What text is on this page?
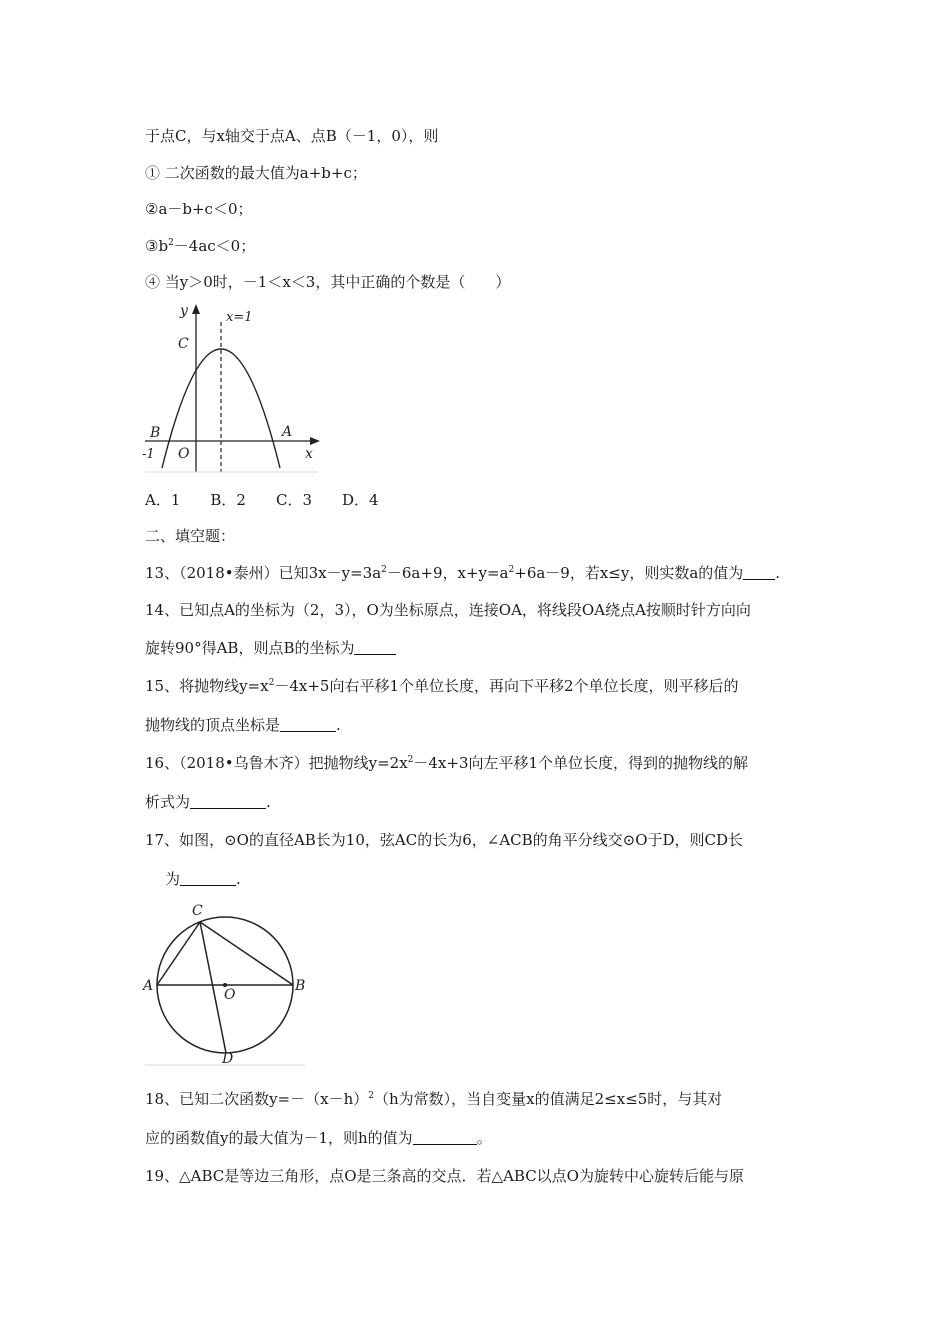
于点C，与x轴交于点A、点B（－1，0），则
① 二次函数的最大值为a+b+c；
②a－b+c＜0；
$③b^2-4ac<0$；
④ 当y＞0时，－1＜x＜3，其中正确的个数是（　　）
y	x=1
C
B	A
O
-1	x
A．1 B．2 C．3 D．4
二、填空题：
13、（2018•泰州）已知$3x-y=3a^2-6a+9$，$x+y=a^2+6a-9$，若x≤y，则实数a的值为 .
14、已知点A的坐标为（2，3），O为坐标原点，连接OA，将线段OA绕点A按顺时针方向向
旋转90°得AB，则点B的坐标为
15、将抛物线$y=x^2-4x+5$向右平移1个单位长度，再向下平移2个单位长度，则平移后的
抛物线的顶点坐标是	.
16、（2018•乌鲁木齐）把抛物线$y=2x^2-4x+3$向左平移1个单位长度，得到的抛物线的解
析式为	.
17、如图，⊙O的直径AB长为10，弦AC的长为6，∠ACB的角平分线交⊙O于D，则CD长
为	.
C
A	B
O
D
18、已知二次函数$y=-(x-h)^2(h$为常数），当自变量x的值满足2≤x≤5时，与其对
应的函数值y的最大值为－1，则h的值为	。
19、△ABC是等边三角形，点O是三条高的交点．若△ABC以点O为旋转中心旋转后能与原
